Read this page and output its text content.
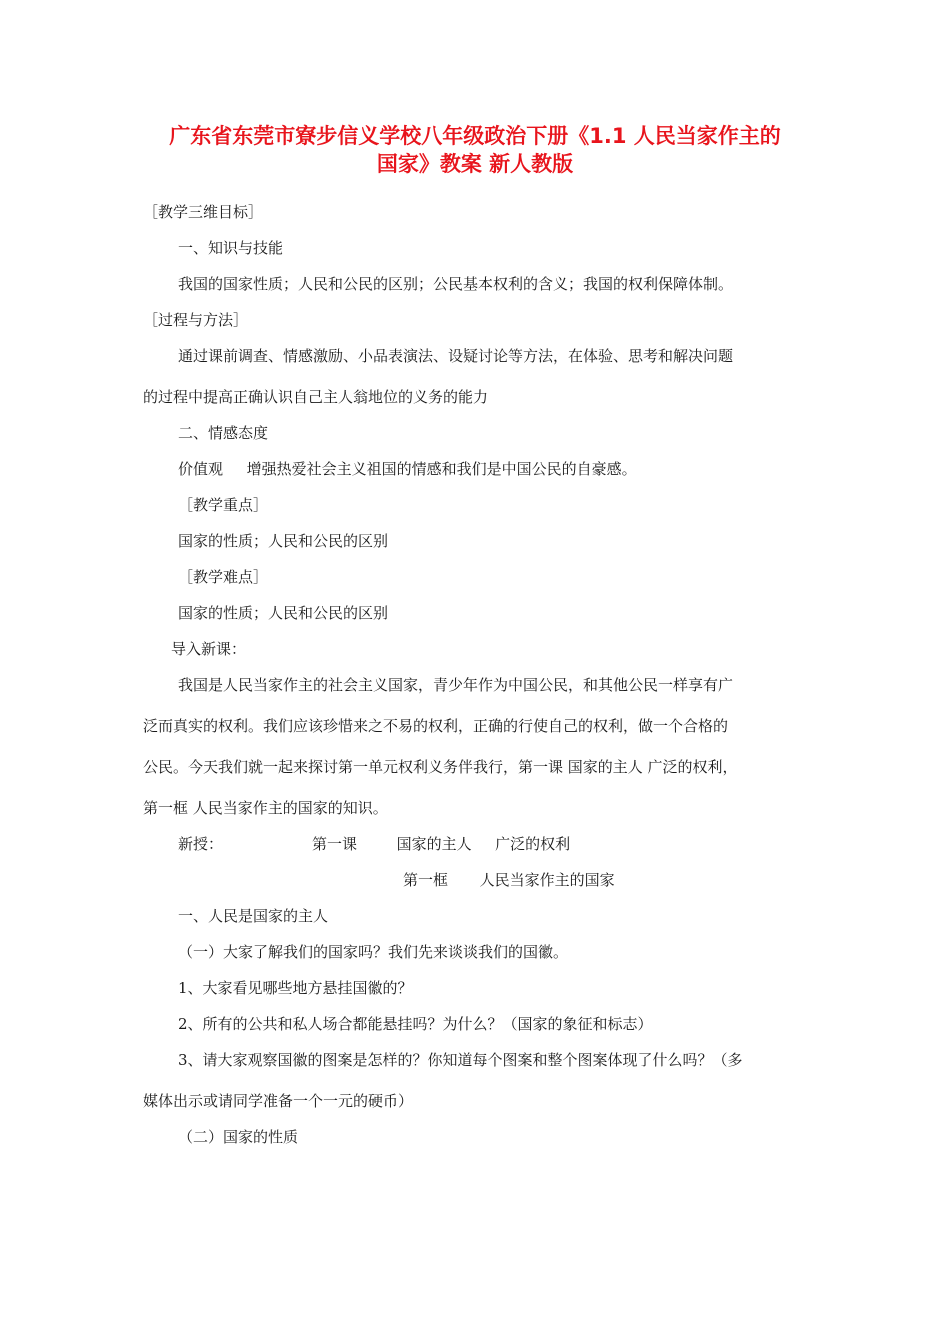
广东省东莞市寮步信义学校八年级政治下册《1.1 人民当家作主的
国家》教案 新人教版
［教学三维目标］
一、知识与技能
我国的国家性质；人民和公民的区别；公民基本权利的含义；我国的权利保障体制。
［过程与方法］
通过课前调查、情感激励、小品表演法、设疑讨论等方法，在体验、思考和解决问题
的过程中提高正确认识自己主人翁地位的义务的能力
二、情感态度
价值观 增强热爱社会主义祖国的情感和我们是中国公民的自豪感。
［教学重点］
国家的性质；人民和公民的区别
［教学难点］
国家的性质；人民和公民的区别
导入新课：
我国是人民当家作主的社会主义国家，青少年作为中国公民，和其他公民一样享有广
泛而真实的权利。我们应该珍惜来之不易的权利，正确的行使自己的权利，做一个合格的
公民。今天我们就一起来探讨第一单元权利义务伴我行，第一课 国家的主人 广泛的权利，
第一框 人民当家作主的国家的知识。
新授：	第一课	国家的主人 广泛的权利
第一框 人民当家作主的国家
一、人民是国家的主人
（一）大家了解我们的国家吗？我们先来谈谈我们的国徽。
1、大家看见哪些地方悬挂国徽的？
2、所有的公共和私人场合都能悬挂吗？为什么？（国家的象征和标志）
3、请大家观察国徽的图案是怎样的？你知道每个图案和整个图案体现了什么吗？（多
媒体出示或请同学准备一个一元的硬币）
（二）国家的性质
